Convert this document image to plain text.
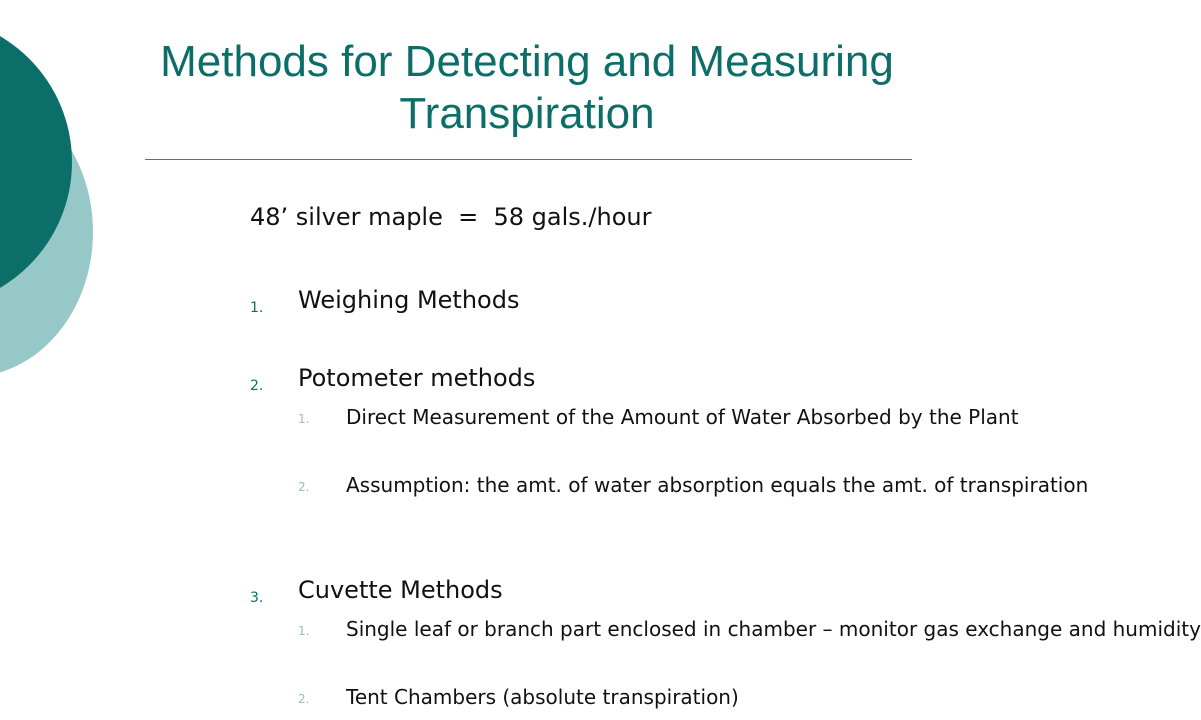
Methods for Detecting and Measuring Transpiration
48’ silver maple  =  58 gals./hour
1. Weighing Methods
2. Potometer methods
1. Direct Measurement of the Amount of Water Absorbed by the Plant
2. Assumption: the amt. of water absorption equals the amt. of transpiration
3. Cuvette Methods
1. Single leaf or branch part enclosed in chamber – monitor gas exchange and humidity
2. Tent Chambers (absolute transpiration)
